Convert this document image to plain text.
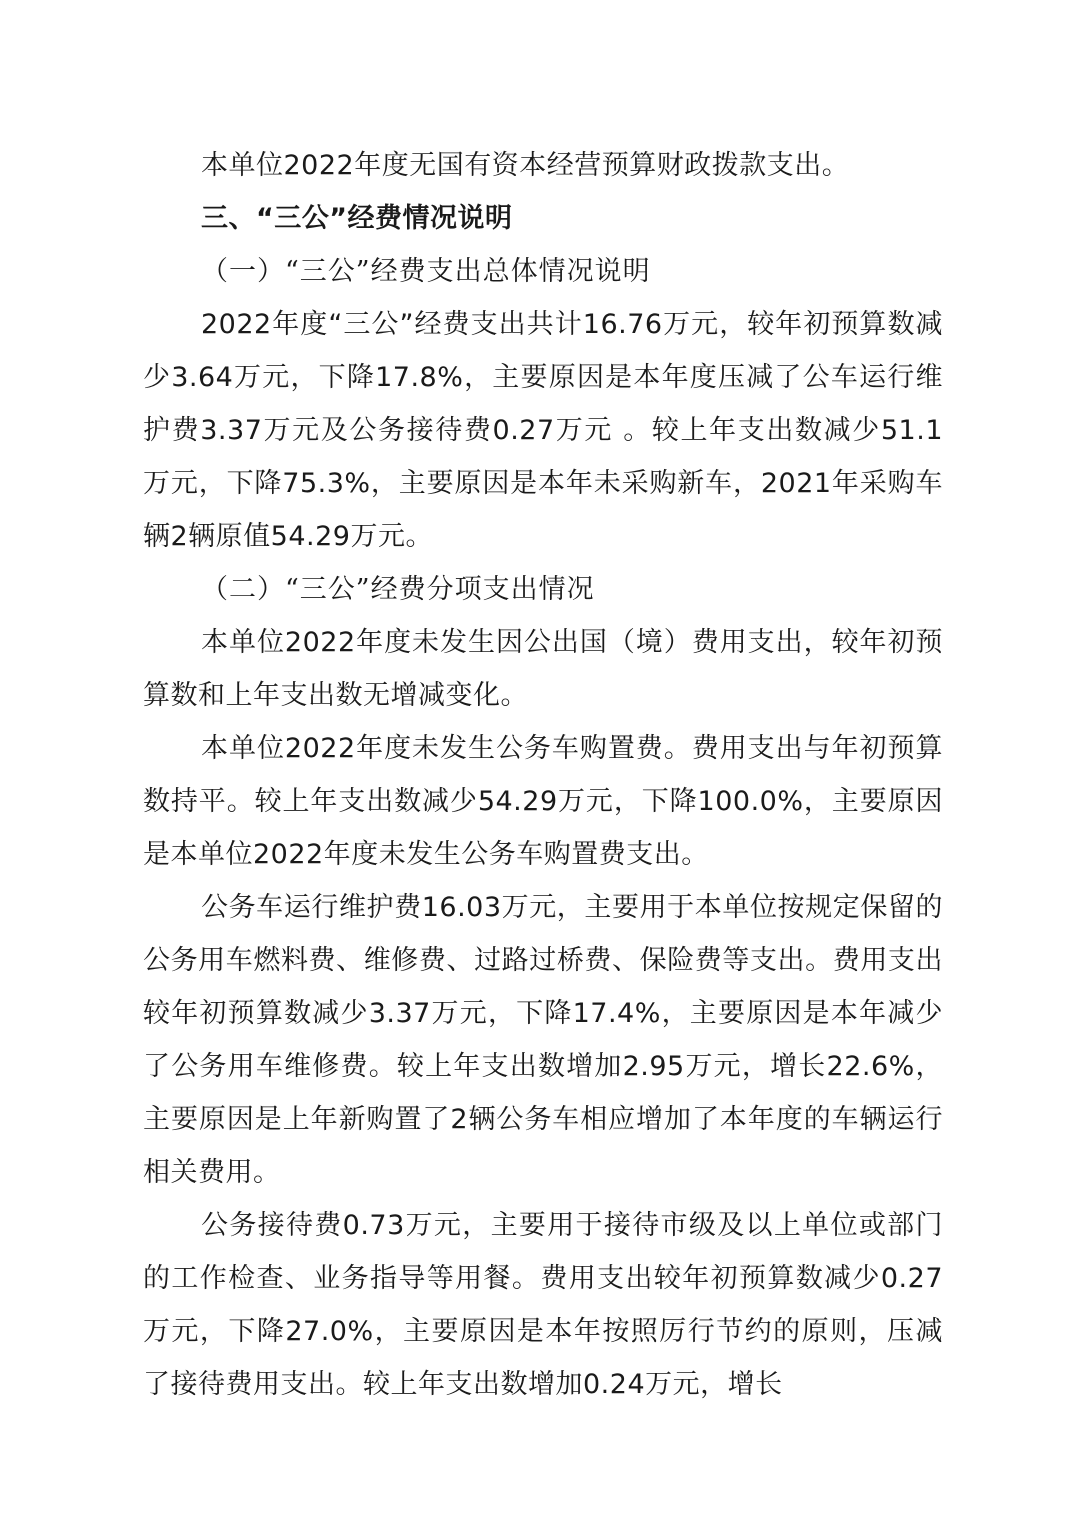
本单位2022年度无国有资本经营预算财政拨款支出。

三、“三公”经费情况说明

（一）“三公”经费支出总体情况说明

2022年度“三公”经费支出共计16.76万元，较年初预算数减少3.64万元，下降17.8%，主要原因是本年度压减了公车运行维护费3.37万元及公务接待费0.27万元 。较上年支出数减少51.1万元，下降75.3%，主要原因是本年未采购新车，2021年采购车辆2辆原值54.29万元。

（二）“三公”经费分项支出情况

本单位2022年度未发生因公出国（境）费用支出，较年初预算数和上年支出数无增减变化。

本单位2022年度未发生公务车购置费。费用支出与年初预算数持平。较上年支出数减少54.29万元，下降100.0%，主要原因是本单位2022年度未发生公务车购置费支出。

公务车运行维护费16.03万元，主要用于本单位按规定保留的公务用车燃料费、维修费、过路过桥费、保险费等支出。费用支出较年初预算数减少3.37万元，下降17.4%，主要原因是本年减少了公务用车维修费。较上年支出数增加2.95万元，增长22.6%，主要原因是上年新购置了2辆公务车相应增加了本年度的车辆运行相关费用。

公务接待费0.73万元，主要用于接待市级及以上单位或部门的工作检查、业务指导等用餐。费用支出较年初预算数减少0.27万元，下降27.0%，主要原因是本年按照厉行节约的原则，压减了接待费用支出。较上年支出数增加0.24万元，增长
